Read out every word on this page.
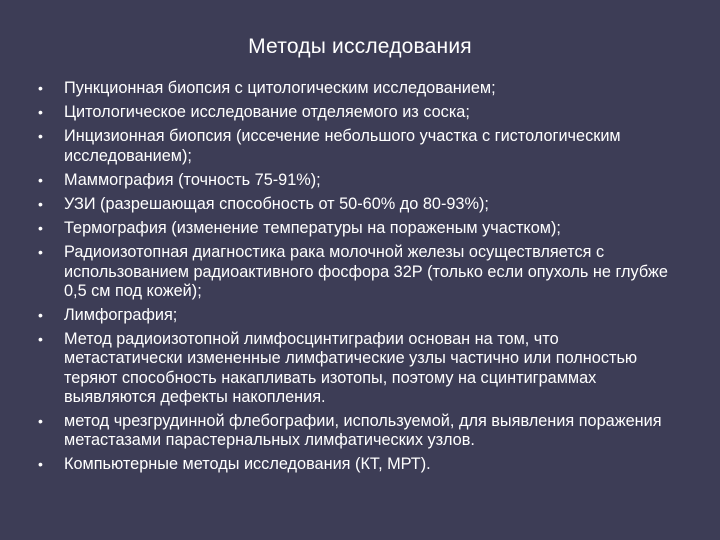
Методы исследования
• Пункционная биопсия с цитологическим исследованием;
• Цитологическое исследование отделяемого из соска;
• Инцизионная биопсия (иссечение небольшого участка с гистологическим исследованием);
• Маммография (точность 75-91%);
• УЗИ (разрешающая способность от 50-60% до 80-93%);
• Термография (изменение температуры на пораженым участком);
• Радиоизотопная диагностика рака молочной железы осуществляется с использованием радиоактивного фосфора 32Р (только если опухоль не глубже 0,5 см под кожей);
• Лимфография;
• Метод радиоизотопной лимфосцинтиграфии основан на том, что метастатически измененные лимфатические узлы частично или полностью теряют способность накапливать изотопы, поэтому на сцинтиграммах выявляются дефекты накопления.
• метод чрезгрудинной флебографии, используемой, для выявления поражения метастазами парастернальных лимфатических узлов.
• Компьютерные методы исследования (КТ, МРТ).
